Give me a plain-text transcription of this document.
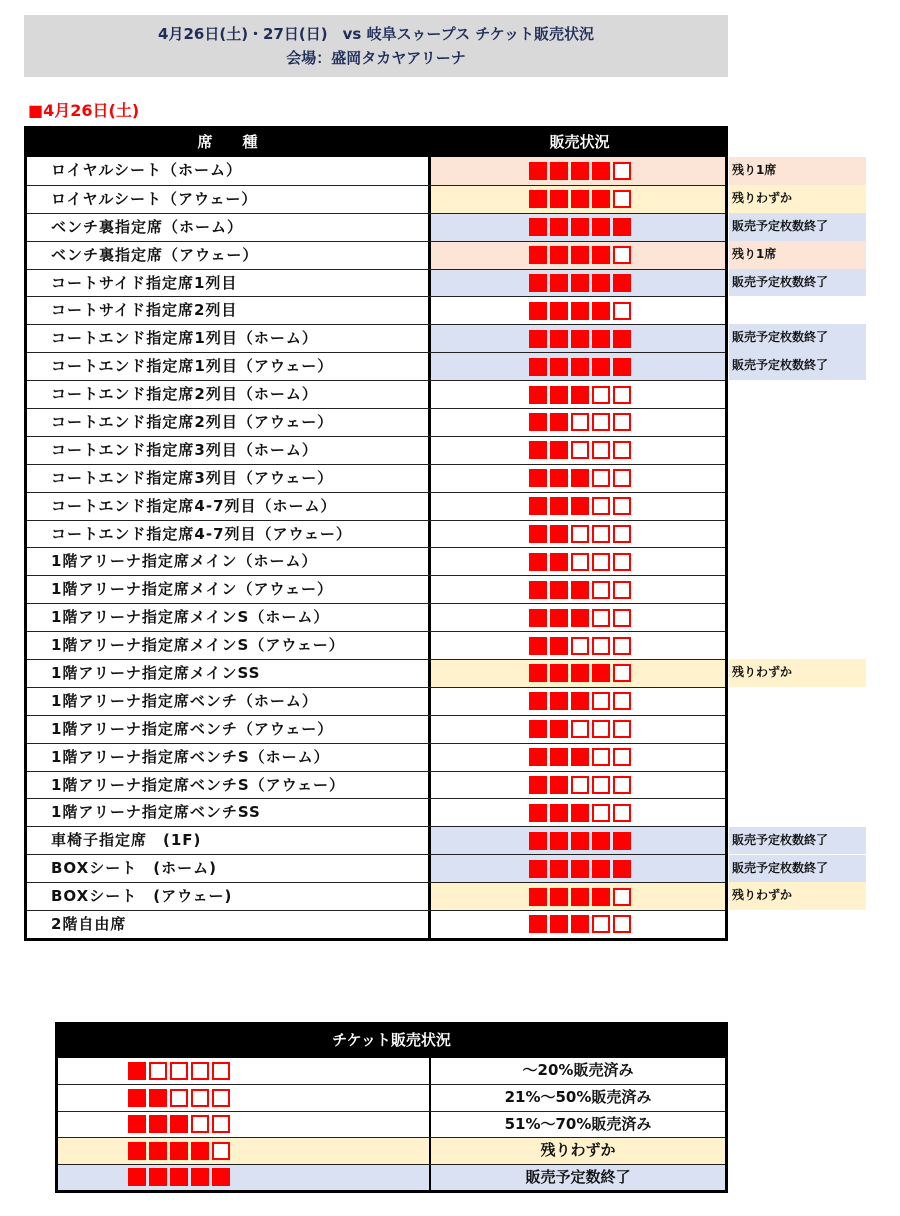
4月26日(土)・27日(日)　vs 岐阜スゥープス チケット販売状況
会場：盛岡タカヤアリーナ
■4月26日(土)
席　　種	販売状況
ロイヤルシート（ホーム）
ロイヤルシート（アウェー）
ベンチ裏指定席（ホーム）
ベンチ裏指定席（アウェー）
コートサイド指定席1列目
コートサイド指定席2列目
コートエンド指定席1列目（ホーム）
コートエンド指定席1列目（アウェー）
コートエンド指定席2列目（ホーム）
コートエンド指定席2列目（アウェー）
コートエンド指定席3列目（ホーム）
コートエンド指定席3列目（アウェー）
コートエンド指定席4-7列目（ホーム）
コートエンド指定席4-7列目（アウェー）
1階アリーナ指定席メイン（ホーム）
1階アリーナ指定席メイン（アウェー）
1階アリーナ指定席メインS（ホーム）
1階アリーナ指定席メインS（アウェー）
1階アリーナ指定席メインSS
1階アリーナ指定席ベンチ（ホーム）
1階アリーナ指定席ベンチ（アウェー）
1階アリーナ指定席ベンチS（ホーム）
1階アリーナ指定席ベンチS（アウェー）
1階アリーナ指定席ベンチSS
車椅子指定席　(1F)
BOXシート　(ホーム)
BOXシート　(アウェー)
2階自由席
残り1席
残りわずか
販売予定枚数終了
残り1席
販売予定枚数終了
販売予定枚数終了
販売予定枚数終了
残りわずか
販売予定枚数終了
販売予定枚数終了
残りわずか
チケット販売状況
～20%販売済み
21%～50%販売済み
51%～70%販売済み
残りわずか
販売予定数終了
